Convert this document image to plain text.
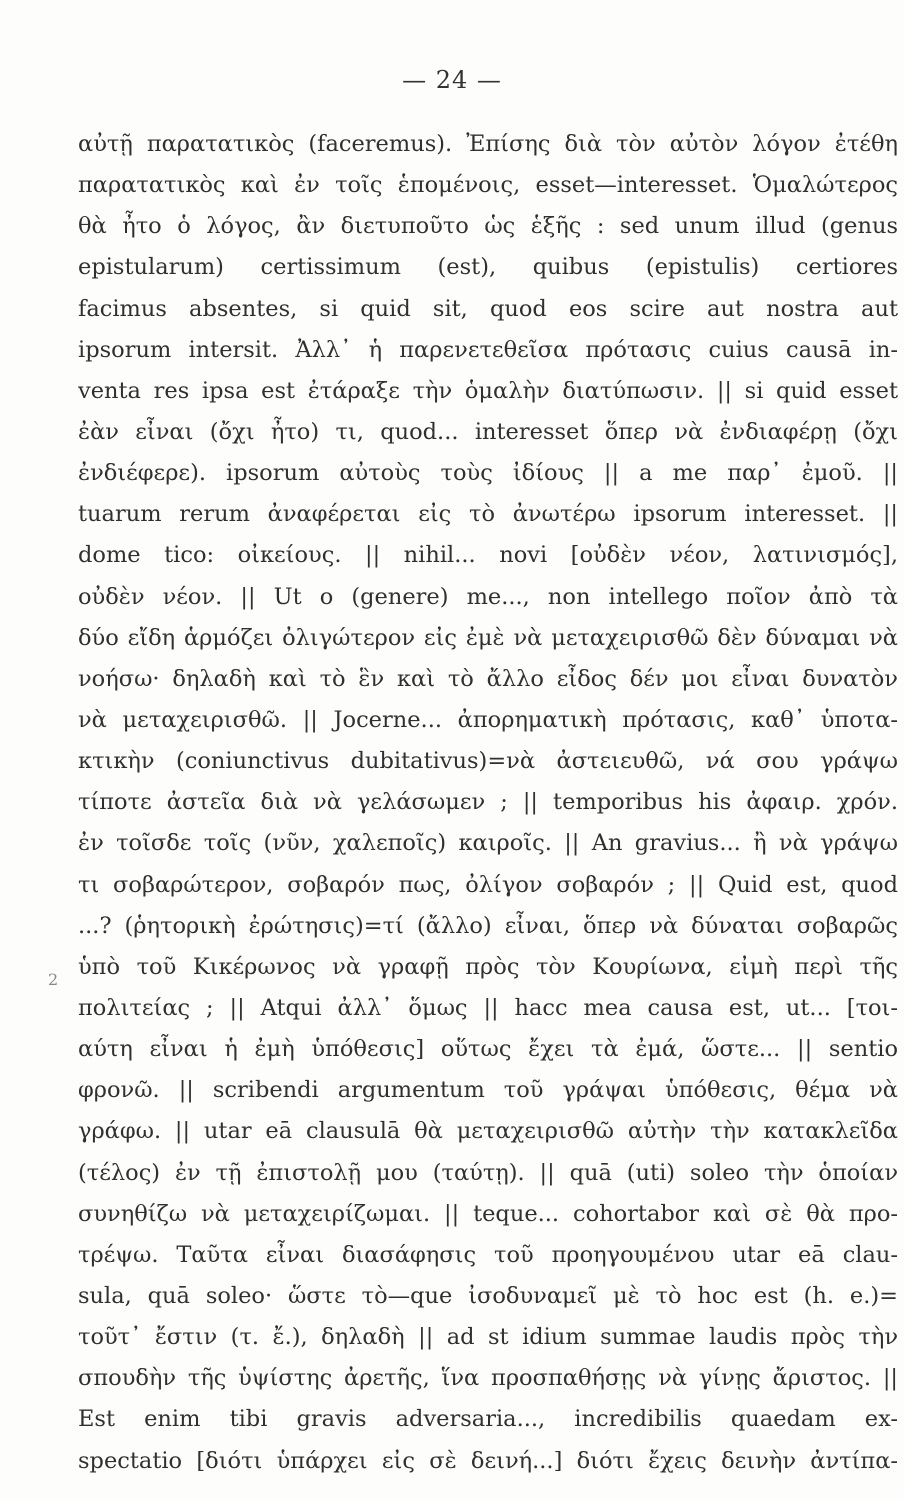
— 24 —
2
αὐτῇ παρατατικὸς (faceremus). Ἐπίσης διὰ τὸν αὐτὸν λόγον ἐτέθη
παρατατικὸς καὶ ἐν τοῖς ἑπομένοις, esset—interesset. Ὁμαλώτερος
θὰ ἦτο ὁ λόγος, ἂν διετυποῦτο ὡς ἑξῆς : sed unum illud (genus
epistularum) certissimum (est), quibus (epistulis) certiores
facimus absentes, si quid sit, quod eos scire aut nostra aut
ipsorum intersit. Ἀλλ᾽ ἡ παρενετεθεῖσα πρότασις cuius causā in-
venta res ipsa est ἐτάραξε τὴν ὁμαλὴν διατύπωσιν. || si quid esset
ἐὰν εἶναι (ὄχι ἦτο) τι, quod... interesset ὅπερ νὰ ἐνδιαφέρῃ (ὄχι
ἐνδιέφερε). ipsorum αὐτοὺς τοὺς ἰδίους || a me παρ᾽ ἐμοῦ. ||
tuarum rerum ἀναφέρεται εἰς τὸ ἀνωτέρω ipsorum interesset. ||
dome tico: οἰκείους. || nihil... novi [οὐδὲν νέον, λατινισμός],
οὐδὲν νέον. || Ut o (genere) me..., non intellego ποῖον ἀπὸ τὰ
δύο εἴδη ἁρμόζει ὀλιγώτερον εἰς ἐμὲ νὰ μεταχειρισθῶ δὲν δύναμαι νὰ
νοήσω· δηλαδὴ καὶ τὸ ἓν καὶ τὸ ἄλλο εἶδος δέν μοι εἶναι δυνατὸν
νὰ μεταχειρισθῶ. || Jocerne... ἀπορηματικὴ πρότασις, καθ᾽ ὑποτα-
κτικὴν (coniunctivus dubitativus)=νὰ ἀστειευθῶ, νά σου γράψω
τίποτε ἀστεῖα διὰ νὰ γελάσωμεν ; || temporibus his ἀφαιρ. χρόν.
ἐν τοῖσδε τοῖς (νῦν, χαλεποῖς) καιροῖς. || An gravius... ἢ νὰ γράψω
τι σοβαρώτερον, σοβαρόν πως, ὀλίγον σοβαρόν ; || Quid est, quod
...? (ῥητορικὴ ἐρώτησις)=τί (ἄλλο) εἶναι, ὅπερ νὰ δύναται σοβαρῶς
ὑπὸ τοῦ Κικέρωνος νὰ γραφῇ πρὸς τὸν Κουρίωνα, εἰμὴ περὶ τῆς
πολιτείας ; || Atqui ἀλλ᾽ ὅμως || hacc mea causa est, ut... [τοι-
αύτη εἶναι ἡ ἐμὴ ὑπόθεσις] οὕτως ἔχει τὰ ἐμά, ὥστε... || sentio
φρονῶ. || scribendi argumentum τοῦ γράψαι ὑπόθεσις, θέμα νὰ
γράφω. || utar eā clausulā θὰ μεταχειρισθῶ αὐτὴν τὴν κατακλεῖδα
(τέλος) ἐν τῇ ἐπιστολῇ μου (ταύτῃ). || quā (uti) soleo τὴν ὁποίαν
συνηθίζω νὰ μεταχειρίζωμαι. || teque... cohortabor καὶ σὲ θὰ προ-
τρέψω. Ταῦτα εἶναι διασάφησις τοῦ προηγουμένου utar eā clau-
sula, quā soleo· ὥστε τὸ—que ἰσοδυναμεῖ μὲ τὸ hoc est (h. e.)=
τοῦτ᾽ ἔστιν (τ. ἔ.), δηλαδὴ || ad st idium summae laudis πρὸς τὴν
σπουδὴν τῆς ὑψίστης ἀρετῆς, ἵνα προσπαθήσῃς νὰ γίνῃς ἄριστος. ||
Est enim tibi gravis adversaria..., incredibilis quaedam ex-
spectatio [διότι ὑπάρχει εἰς σὲ δεινή...] διότι ἔχεις δεινὴν ἀντίπα-
